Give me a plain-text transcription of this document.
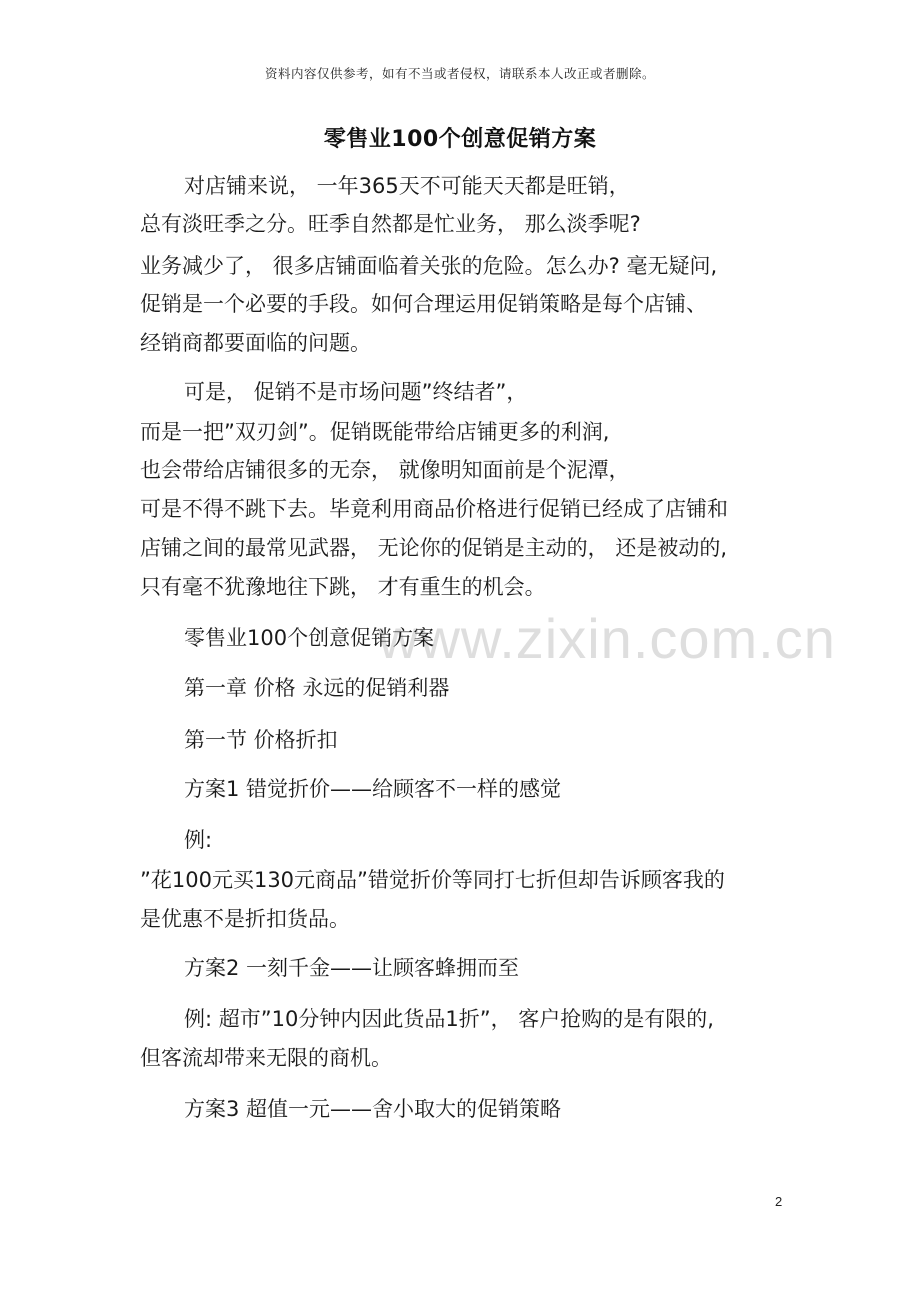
资料内容仅供参考，如有不当或者侵权，请联系本人改正或者删除。
零售业100个创意促销方案
对店铺来说， 一年365天不可能天天都是旺销，
总有淡旺季之分。旺季自然都是忙业务， 那么淡季呢?
业务减少了， 很多店铺面临着关张的危险。怎么办? 毫无疑问,
促销是一个必要的手段。如何合理运用促销策略是每个店铺、
经销商都要面临的问题。
可是， 促销不是市场问题”终结者”，
而是一把”双刃剑”。促销既能带给店铺更多的利润,
也会带给店铺很多的无奈， 就像明知面前是个泥潭，
可是不得不跳下去。毕竟利用商品价格进行促销已经成了店铺和
店铺之间的最常见武器， 无论你的促销是主动的， 还是被动的,
只有毫不犹豫地往下跳， 才有重生的机会。
www.zixin.com.cn
零售业100个创意促销方案
第一章 价格 永远的促销利器
第一节 价格折扣
方案1 错觉折价——给顾客不一样的感觉
例:
”花100元买130元商品”错觉折价等同打七折但却告诉顾客我的
是优惠不是折扣货品。
方案2 一刻千金——让顾客蜂拥而至
例: 超市”10分钟内因此货品1折”， 客户抢购的是有限的,
但客流却带来无限的商机。
方案3 超值一元——舍小取大的促销策略
2
